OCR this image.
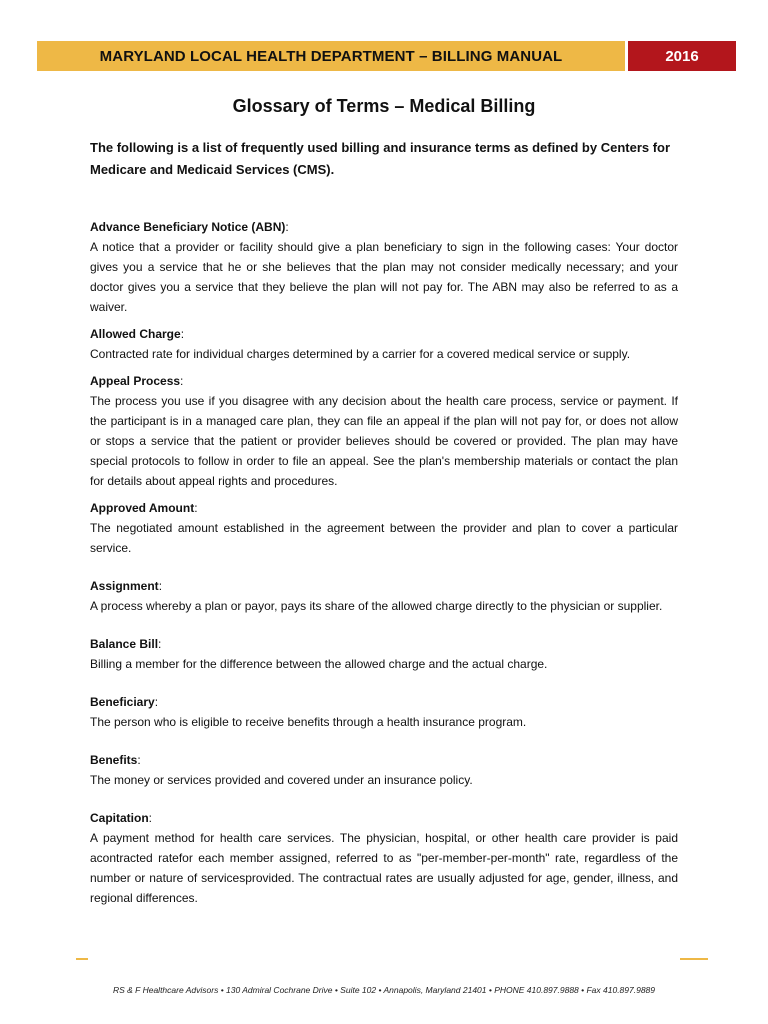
MARYLAND LOCAL HEALTH DEPARTMENT – BILLING MANUAL	2016
Glossary of Terms – Medical Billing
The following is a list of frequently used billing and insurance terms as defined by Centers for Medicare and Medicaid Services (CMS).
Advance Beneficiary Notice (ABN):
A notice that a provider or facility should give a plan beneficiary to sign in the following cases: Your doctor gives you a service that he or she believes that the plan may not consider medically necessary; and your doctor gives you a service that they believe the plan will not pay for. The ABN may also be referred to as a waiver.
Allowed Charge:
Contracted rate for individual charges determined by a carrier for a covered medical service or supply.
Appeal Process:
The process you use if you disagree with any decision about the health care process, service or payment. If the participant is in a managed care plan, they can file an appeal if the plan will not pay for, or does not allow or stops a service that the patient or provider believes should be covered or provided. The plan may have special protocols to follow in order to file an appeal. See the plan's membership materials or contact the plan for details about appeal rights and procedures.
Approved Amount:
The negotiated amount established in the agreement between the provider and plan to cover a particular service.
Assignment:
A process whereby a plan or payor, pays its share of the allowed charge directly to the physician or supplier.
Balance Bill:
Billing a member for the difference between the allowed charge and the actual charge.
Beneficiary:
The person who is eligible to receive benefits through a health insurance program.
Benefits:
The money or services provided and covered under an insurance policy.
Capitation:
A payment method for health care services. The physician, hospital, or other health care provider is paid acontracted ratefor each member assigned, referred to as "per-member-per-month" rate, regardless of the number or nature of servicesprovided. The contractual rates are usually adjusted for age, gender, illness, and regional differences.
RS & F Healthcare Advisors • 130 Admiral Cochrane Drive • Suite 102 • Annapolis, Maryland 21401 • PHONE 410.897.9888 • Fax 410.897.9889
